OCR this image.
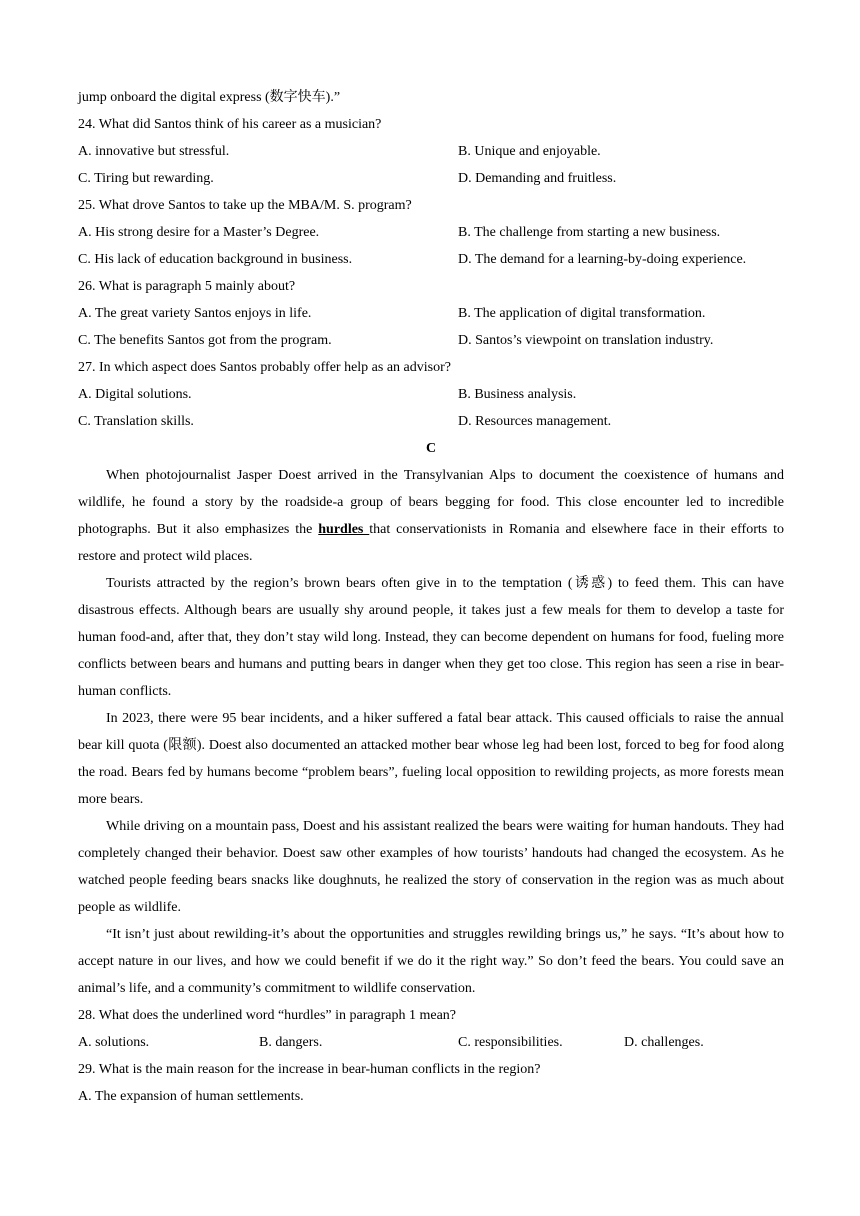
jump onboard the digital express (数字快车).”
24. What did Santos think of his career as a musician?
A. innovative but stressful.	B. Unique and enjoyable.
C. Tiring but rewarding.	D. Demanding and fruitless.
25. What drove Santos to take up the MBA/M. S. program?
A. His strong desire for a Master’s Degree.	B. The challenge from starting a new business.
C. His lack of education background in business.	D. The demand for a learning-by-doing experience.
26. What is paragraph 5 mainly about?
A. The great variety Santos enjoys in life.	B. The application of digital transformation.
C. The benefits Santos got from the program.	D. Santos’s viewpoint on translation industry.
27. In which aspect does Santos probably offer help as an advisor?
A. Digital solutions.	B. Business analysis.
C. Translation skills.	D. Resources management.
C

When photojournalist Jasper Doest arrived in the Transylvanian Alps to document the coexistence of humans and wildlife, he found a story by the roadside-a group of bears begging for food. This close encounter led to incredible photographs. But it also emphasizes the hurdles that conservationists in Romania and elsewhere face in their efforts to restore and protect wild places.

Tourists attracted by the region’s brown bears often give in to the temptation (诱惑) to feed them. This can have disastrous effects. Although bears are usually shy around people, it takes just a few meals for them to develop a taste for human food-and, after that, they don’t stay wild long. Instead, they can become dependent on humans for food, fueling more conflicts between bears and humans and putting bears in danger when they get too close. This region has seen a rise in bear-human conflicts.

In 2023, there were 95 bear incidents, and a hiker suffered a fatal bear attack. This caused officials to raise the annual bear kill quota (限额). Doest also documented an attacked mother bear whose leg had been lost, forced to beg for food along the road. Bears fed by humans become “problem bears”, fueling local opposition to rewilding projects, as more forests mean more bears.

While driving on a mountain pass, Doest and his assistant realized the bears were waiting for human handouts. They had completely changed their behavior. Doest saw other examples of how tourists’ handouts had changed the ecosystem. As he watched people feeding bears snacks like doughnuts, he realized the story of conservation in the region was as much about people as wildlife.

“It isn’t just about rewilding-it’s about the opportunities and struggles rewilding brings us,” he says. “It’s about how to accept nature in our lives, and how we could benefit if we do it the right way.” So don’t feed the bears. You could save an animal’s life, and a community’s commitment to wildlife conservation.

28. What does the underlined word “hurdles” in paragraph 1 mean?
A. solutions.	B. dangers.	C. responsibilities.	D. challenges.
29. What is the main reason for the increase in bear-human conflicts in the region?
A. The expansion of human settlements.
